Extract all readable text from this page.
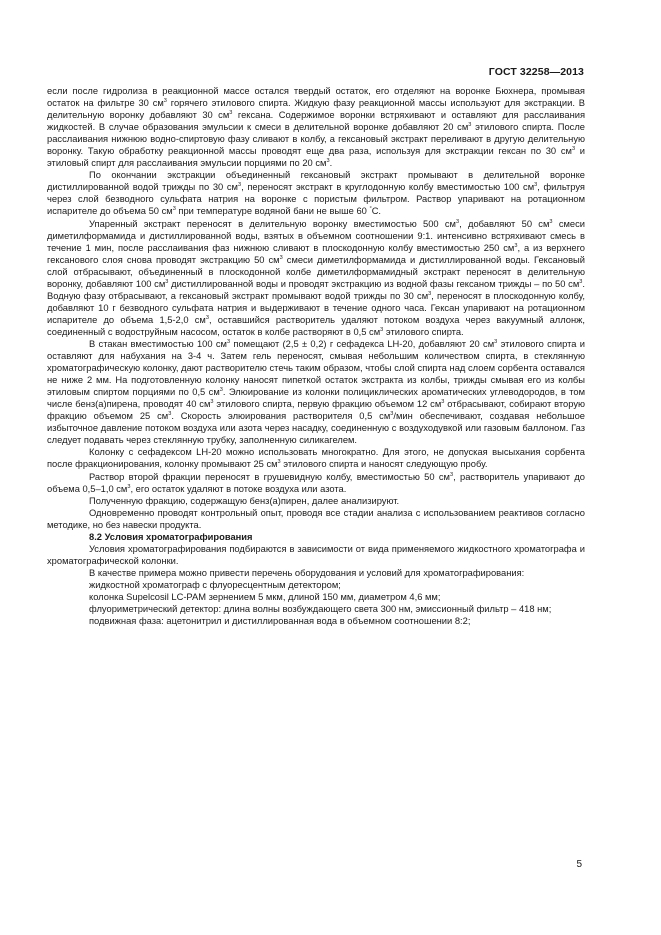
ГОСТ 32258—2013

если после гидролиза в реакционной массе остался твердый остаток, его отделяют на воронке Бюхнера, промывая остаток на фильтре 30 $см^3$ горячего этилового спирта. Жидкую фазу реакционной массы используют для экстракции. В делительную воронку добавляют 30 $см^3$ гексана. Содержимое воронки встряхивают и оставляют для расслаивания жидкостей. В случае образования эмульсии к смеси в делительной воронке добавляют 20 $см^3$ этилового спирта. После расслаивания нижнюю водно-спиртовую фазу сливают в колбу, а гексановый экстракт переливают в другую делительную воронку. Такую обработку реакционной массы проводят еще два раза, используя для экстракции гексан по 30 $см^3$ и этиловый спирт для расслаивания эмульсии порциями по 20 $см^3$.

По окончании экстракции объединенный гексановый экстракт промывают в делительной воронке дистиллированной водой трижды по 30 $см^3$, переносят экстракт в круглодонную колбу вместимостью 100 $см^3$, фильтруя через слой безводного сульфата натрия на воронке с пористым фильтром. Раствор упаривают на ротационном испарителе до объема 50 $см^3$ при температуре водяной бани не выше 60 °C.

Упаренный экстракт переносят в делительную воронку вместимостью 500 $см^3$, добавляют 50 $см^3$ смеси диметилформамида и дистиллированной воды, взятых в объемном соотношении 9:1. интенсивно встряхивают смесь в течение 1 мин, после расслаивания фаз нижнюю сливают в плоскодонную колбу вместимостью 250 $см^3$, а из верхнего гексанового слоя снова проводят экстракцию 50 $см^3$ смеси диметилформамида и дистиллированной воды. Гексановый слой отбрасывают, объединенный в плоскодонной колбе диметилформамидный экстракт переносят в делительную воронку, добавляют 100 $см^3$ дистиллированной воды и проводят экстракцию из водной фазы гексаном трижды – по 50 $см^3$. Водную фазу отбрасывают, а гексановый экстракт промывают водой трижды по 30 $см^3$, переносят в плоскодонную колбу, добавляют 10 г безводного сульфата натрия и выдерживают в течение одного часа. Гексан упаривают на ротационном испарителе до объема 1,5-2,0 $см^3$, оставшийся растворитель удаляют потоком воздуха через вакуумный аллонж, соединенный с водоструйным насосом, остаток в колбе растворяют в 0,5 $см^3$ этилового спирта.

В стакан вместимостью 100 $см^3$ помещают (2,5 ± 0,2) г сефадекса LH-20, добавляют 20 $см^3$ этилового спирта и оставляют для набухания на 3-4 ч. Затем гель переносят, смывая небольшим количеством спирта, в стеклянную хроматографическую колонку, дают растворителю стечь таким образом, чтобы слой спирта над слоем сорбента оставался не ниже 2 мм. На подготовленную колонку наносят пипеткой остаток экстракта из колбы, трижды смывая его из колбы этиловым спиртом порциями по 0,5 $см^3$. Элюирование из колонки полициклических ароматических углеводородов, в том числе бенз(а)пирена, проводят 40 $см^3$ этилового спирта, первую фракцию объемом 12 $см^3$ отбрасывают, собирают вторую фракцию объемом 25 $см^3$. Скорость элюирования растворителя 0,5 $см^3$/мин обеспечивают, создавая небольшое избыточное давление потоком воздуха или азота через насадку, соединенную с воздуходувкой или газовым баллоном. Газ следует подавать через стеклянную трубку, заполненную силикагелем.

Колонку с сефадексом LH-20 можно использовать многократно. Для этого, не допуская высыхания сорбента после фракционирования, колонку промывают 25 $см^3$ этилового спирта и наносят следующую пробу.

Раствор второй фракции переносят в грушевидную колбу, вместимостью 50 $см^3$, растворитель упаривают до объема 0,5–1,0 $см^3$, его остаток удаляют в потоке воздуха или азота.

Полученную фракцию, содержащую бенз(а)пирен, далее анализируют.

Одновременно проводят контрольный опыт, проводя все стадии анализа с использованием реактивов согласно методике, но без навески продукта.

8.2 Условия хроматографирования

Условия хроматографирования подбираются в зависимости от вида применяемого жидкостного хроматографа и хроматографической колонки.

В качестве примера можно привести перечень оборудования и условий для хроматографирования:

жидкостной хроматограф с флуоресцентным детектором;

колонка Supelcosil LC-PAM зернением 5 мкм, длиной 150 мм, диаметром 4,6 мм;

флуориметрический детектор: длина волны возбуждающего света 300 нм, эмиссионный фильтр – 418 нм;

подвижная фаза: ацетонитрил и дистиллированная вода в объемном соотношении 8:2;

5
